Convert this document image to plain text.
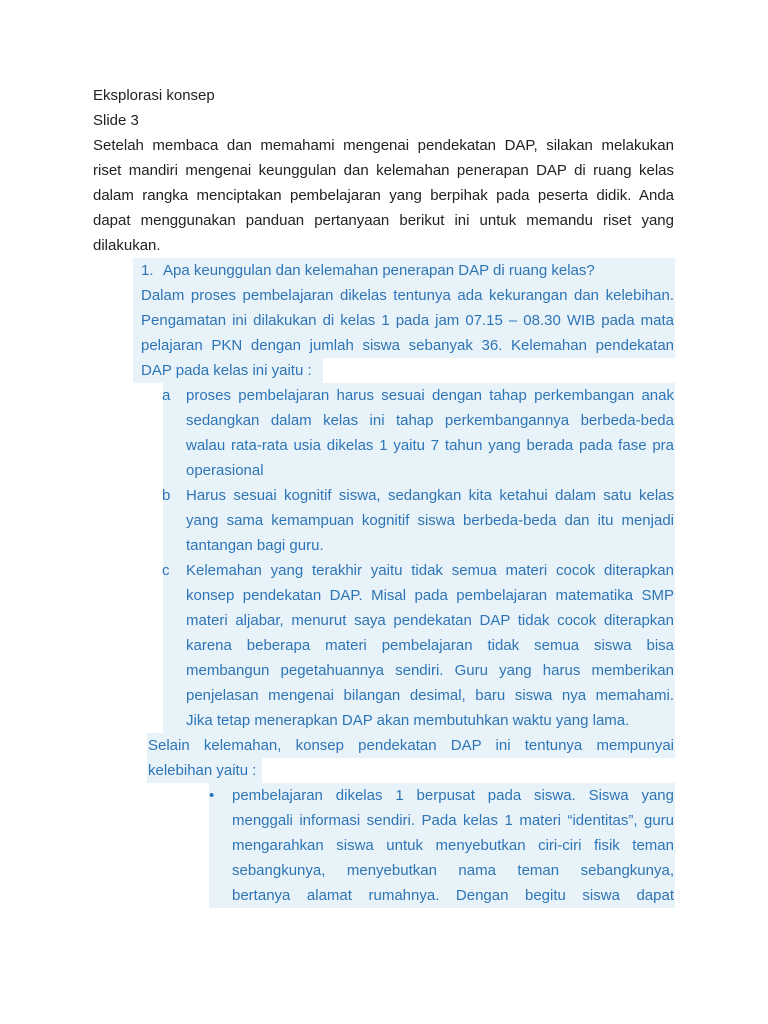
Eksplorasi konsep
Slide 3
Setelah membaca dan memahami mengenai pendekatan DAP, silakan melakukan
riset mandiri mengenai keunggulan dan kelemahan penerapan DAP di ruang kelas
dalam rangka menciptakan pembelajaran yang berpihak pada peserta didik. Anda
dapat menggunakan panduan pertanyaan berikut ini untuk memandu riset yang
dilakukan.
1. Apa keunggulan dan kelemahan penerapan DAP di ruang kelas?
Dalam proses pembelajaran dikelas tentunya ada kekurangan dan kelebihan.
Pengamatan ini dilakukan di kelas 1 pada jam 07.15 – 08.30 WIB pada mata
pelajaran PKN dengan jumlah siswa sebanyak 36. Kelemahan pendekatan
DAP pada kelas ini yaitu :
a proses pembelajaran harus sesuai dengan tahap perkembangan anak
sedangkan dalam kelas ini tahap perkembangannya berbeda-beda
walau rata-rata usia dikelas 1 yaitu 7 tahun yang berada pada fase pra
operasional
b Harus sesuai kognitif siswa, sedangkan kita ketahui dalam satu kelas
yang sama kemampuan kognitif siswa berbeda-beda dan itu menjadi
tantangan bagi guru.
c Kelemahan yang terakhir yaitu tidak semua materi cocok diterapkan
konsep pendekatan DAP. Misal pada pembelajaran matematika SMP
materi aljabar, menurut saya pendekatan DAP tidak cocok diterapkan
karena beberapa materi pembelajaran tidak semua siswa bisa
membangun pegetahuannya sendiri. Guru yang harus memberikan
penjelasan mengenai bilangan desimal, baru siswa nya memahami.
Jika tetap menerapkan DAP akan membutuhkan waktu yang lama.
Selain kelemahan, konsep pendekatan DAP ini tentunya mempunyai
kelebihan yaitu :
• pembelajaran dikelas 1 berpusat pada siswa. Siswa yang
menggali informasi sendiri. Pada kelas 1 materi “identitas”, guru
mengarahkan siswa untuk menyebutkan ciri-ciri fisik teman
sebangkunya, menyebutkan nama teman sebangkunya,
bertanya alamat rumahnya. Dengan begitu siswa dapat
